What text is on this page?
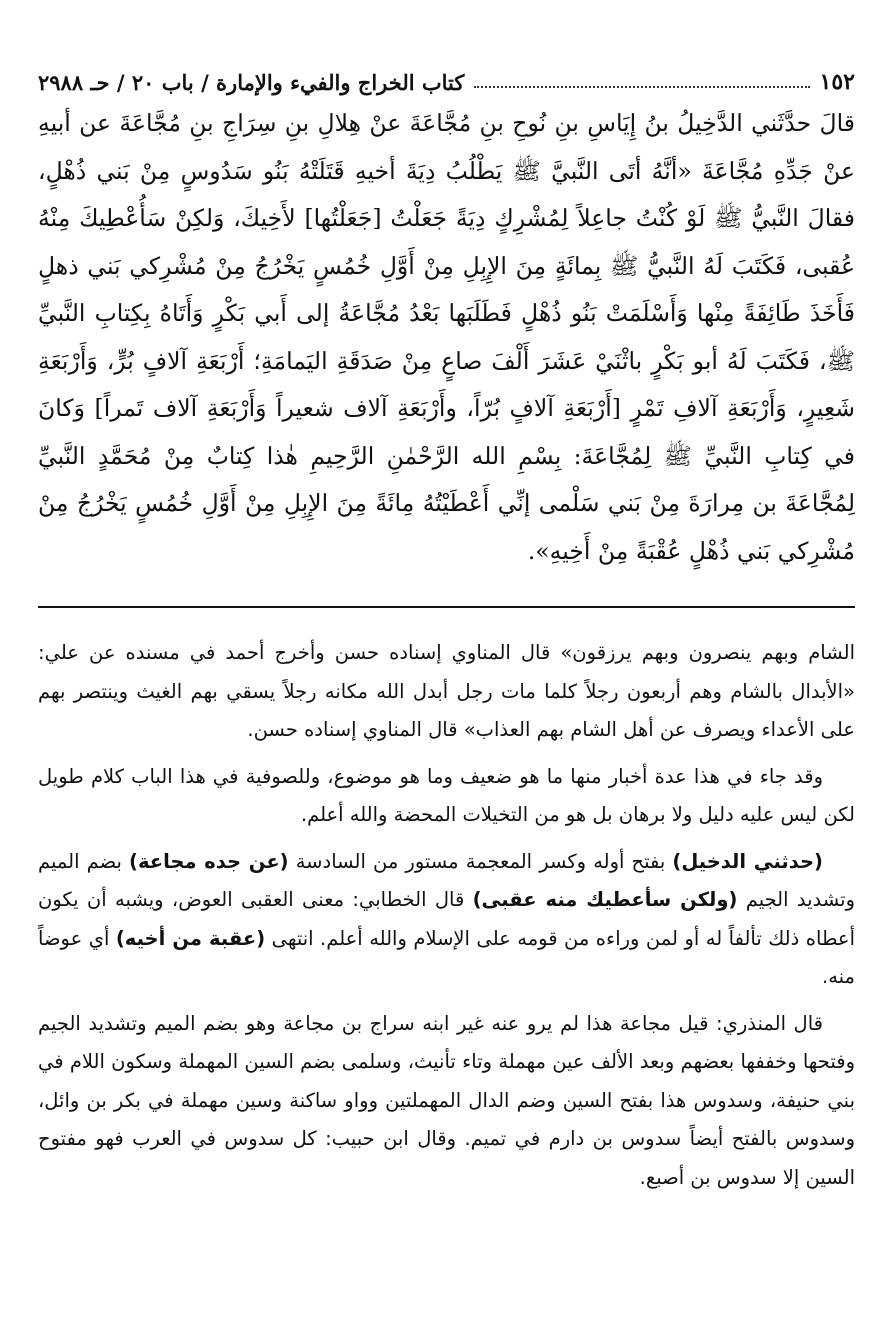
١٥٢
كتاب الخراج والفيء والإمارة / باب ٢٠ / حـ ٢٩٨٨

قالَ حدَّثَني الدَّخِيلُ بنُ إِيَاسِ بنِ نُوحِ بنِ مُجَّاعَةَ عنْ هِلالِ بنِ سِرَاجِ بنِ مُجَّاعَةَ عن أبيهِ عنْ جَدِّهِ مُجَّاعَةَ «أنَّهُ أتَى النَّبيَّ ﷺ يَطْلُبُ دِيَةَ أخيهِ قَتَلَتْهُ بَنُو سَدُوسٍ مِنْ بَني ذُهْلٍ، فقالَ النَّبيُّ ﷺ لَوْ كُنْتُ جاعِلاً لِمُشْرِكٍ دِيَةً جَعَلْتُ [جَعَلْتُها] لأَخِيكَ، وَلكِنْ سَأُعْطِيكَ مِنْهُ عُقبى، فَكَتَبَ لَهُ النَّبيُّ ﷺ بِمائَةٍ مِنَ الإِبِلِ مِنْ أَوَّلِ خُمُسٍ يَخْرُجُ مِنْ مُشْرِكي بَني ذهلٍ فَأَخَذَ طَائِفَةً مِنْها وَأَسْلَمَتْ بَنُو ذُهْلٍ فَطَلَبَها بَعْدُ مُجَّاعَةُ إلى أَبي بَكْرٍ وَأَتَاهُ بِكِتابِ النَّبيِّ ﷺ، فَكَتَبَ لَهُ أبو بَكْرٍ باثْنَيْ عَشَرَ أَلْفَ صاعٍ مِنْ صَدَقَةِ اليَمامَةِ؛ أَرْبَعَةِ آلافٍ بُرٍّ، وَأَرْبَعَةِ شَعِيرٍ، وَأَرْبَعَةِ آلافِ تَمْرٍ [أَرْبَعَةِ آلافٍ بُرّاً، وأَرْبَعَةِ آلاف شعيراً وَأَرْبَعَةِ آلاف تَمراً] وَكانَ في كِتابِ النَّبيِّ ﷺ لِمُجَّاعَةَ: بِسْمِ الله الرَّحْمٰنِ الرَّحِيمِ هٰذا كِتابٌ مِنْ مُحَمَّدٍ النَّبيِّ لِمُجَّاعَةَ بن مِرارَةَ مِنْ بَني سَلْمى إنِّي أَعْطَيْتُهُ مِائَةً مِنَ الإِبِلِ مِنْ أَوَّلِ خُمُسٍ يَخْرُجُ مِنْ مُشْرِكي بَني ذُهْلٍ عُقْبَةً مِنْ أَخِيهِ».

الشام وبهم ينصرون وبهم يرزقون» قال المناوي إسناده حسن وأخرج أحمد في مسنده عن علي: «الأبدال بالشام وهم أربعون رجلاً كلما مات رجل أبدل الله مكانه رجلاً يسقي بهم الغيث وينتصر بهم على الأعداء ويصرف عن أهل الشام بهم العذاب» قال المناوي إسناده حسن.

وقد جاء في هذا عدة أخبار منها ما هو ضعيف وما هو موضوع، وللصوفية في هذا الباب كلام طويل لكن ليس عليه دليل ولا برهان بل هو من التخيلات المحضة والله أعلم.

(حدثني الدخيل) بفتح أوله وكسر المعجمة مستور من السادسة (عن جده مجاعة) بضم الميم وتشديد الجيم (ولكن سأعطيك منه عقبى) قال الخطابي: معنى العقبى العوض، ويشبه أن يكون أعطاه ذلك تألفاً له أو لمن وراءه من قومه على الإسلام والله أعلم. انتهى (عقبة من أخيه) أي عوضاً منه.

قال المنذري: قيل مجاعة هذا لم يرو عنه غير ابنه سراج بن مجاعة وهو بضم الميم وتشديد الجيم وفتحها وخففها بعضهم وبعد الألف عين مهملة وتاء تأنيث، وسلمى بضم السين المهملة وسكون اللام في بني حنيفة، وسدوس هذا بفتح السين وضم الدال المهملتين وواو ساكنة وسين مهملة في بكر بن وائل، وسدوس بالفتح أيضاً سدوس بن دارم في تميم. وقال ابن حبيب: كل سدوس في العرب فهو مفتوح السين إلا سدوس بن أصبع.
